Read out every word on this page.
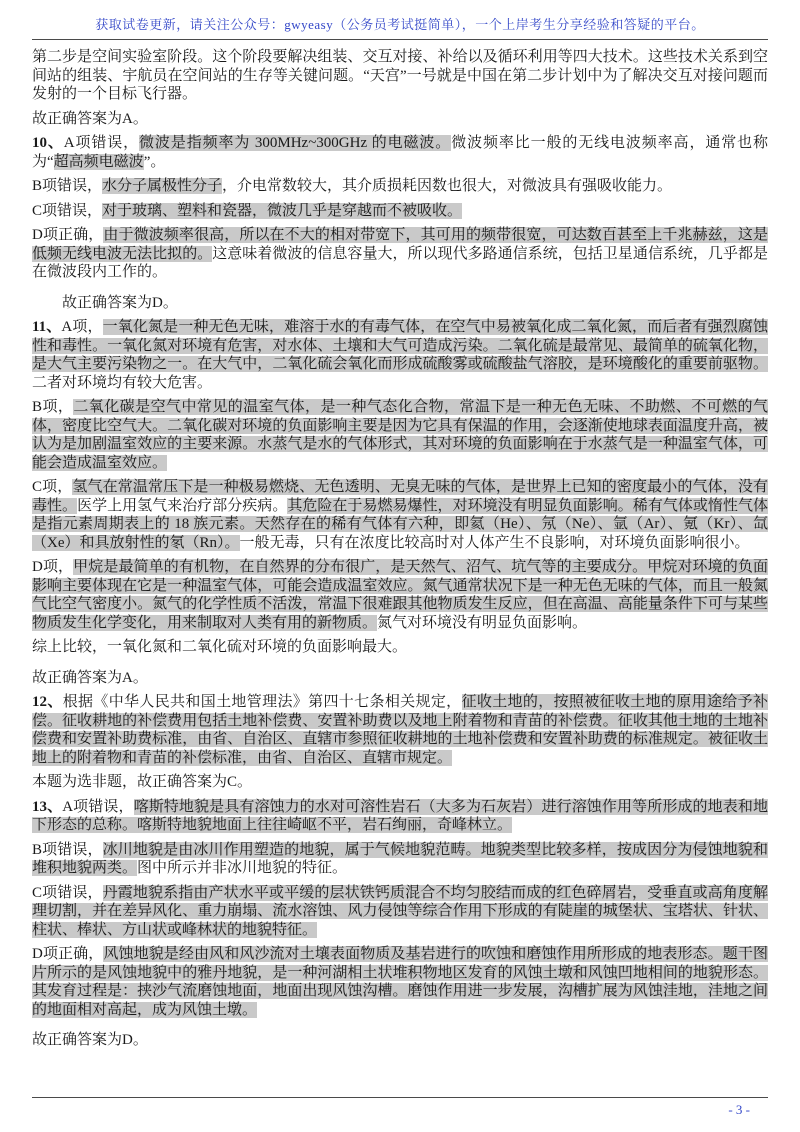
获取试卷更新，请关注公众号：gwyeasy（公务员考试挺简单），一个上岸考生分享经验和答疑的平台。

第二步是空间实验室阶段。这个阶段要解决组装、交互对接、补给以及循环利用等四大技术。这些技术关系到空间站的组装、宇航员在空间站的生存等关键问题。“天宫”一号就是中国在第二步计划中为了解决交互对接问题而发射的一个目标飞行器。

故正确答案为A。

10、A项错误，微波是指频率为 300MHz~300GHz 的电磁波。微波频率比一般的无线电波频率高，通常也称为“超高频电磁波”。

B项错误，水分子属极性分子，介电常数较大，其介质损耗因数也很大，对微波具有强吸收能力。

C项错误，对于玻璃、塑料和瓷器，微波几乎是穿越而不被吸收。

D项正确，由于微波频率很高，所以在不大的相对带宽下，其可用的频带很宽，可达数百甚至上千兆赫兹，这是低频无线电波无法比拟的。这意味着微波的信息容量大，所以现代多路通信系统，包括卫星通信系统，几乎都是在微波段内工作的。

故正确答案为D。

11、A项，一氧化氮是一种无色无味，难溶于水的有毒气体，在空气中易被氧化成二氧化氮，而后者有强烈腐蚀性和毒性。一氧化氮对环境有危害，对水体、土壤和大气可造成污染。二氧化硫是最常见、最简单的硫氧化物，是大气主要污染物之一。在大气中，二氧化硫会氧化而形成硫酸雾或硫酸盐气溶胶，是环境酸化的重要前驱物。二者对环境均有较大危害。

B项，二氧化碳是空气中常见的温室气体，是一种气态化合物，常温下是一种无色无味、不助燃、不可燃的气体，密度比空气大。二氧化碳对环境的负面影响主要是因为它具有保温的作用，会逐渐使地球表面温度升高，被认为是加剧温室效应的主要来源。水蒸气是水的气体形式，其对环境的负面影响在于水蒸气是一种温室气体，可能会造成温室效应。

C项，氢气在常温常压下是一种极易燃烧、无色透明、无臭无味的气体，是世界上已知的密度最小的气体，没有毒性。医学上用氢气来治疗部分疾病。其危险在于易燃易爆性，对环境没有明显负面影响。稀有气体或惰性气体是指元素周期表上的 18 族元素。天然存在的稀有气体有六种，即氦（He）、氖（Ne）、氩（Ar）、氪（Kr）、氙（Xe）和具放射性的氡（Rn）。一般无毒，只有在浓度比较高时对人体产生不良影响，对环境负面影响很小。

D项，甲烷是最简单的有机物，在自然界的分布很广，是天然气、沼气、坑气等的主要成分。甲烷对环境的负面影响主要体现在它是一种温室气体，可能会造成温室效应。氮气通常状况下是一种无色无味的气体，而且一般氮气比空气密度小。氮气的化学性质不活泼，常温下很难跟其他物质发生反应，但在高温、高能量条件下可与某些物质发生化学变化，用来制取对人类有用的新物质。氮气对环境没有明显负面影响。

综上比较，一氧化氮和二氧化硫对环境的负面影响最大。

故正确答案为A。

12、根据《中华人民共和国土地管理法》第四十七条相关规定，征收土地的，按照被征收土地的原用途给予补偿。征收耕地的补偿费用包括土地补偿费、安置补助费以及地上附着物和青苗的补偿费。征收其他土地的土地补偿费和安置补助费标准，由省、自治区、直辖市参照征收耕地的土地补偿费和安置补助费的标准规定。被征收土地上的附着物和青苗的补偿标准，由省、自治区、直辖市规定。

本题为选非题，故正确答案为C。

13、A项错误，喀斯特地貌是具有溶蚀力的水对可溶性岩石（大多为石灰岩）进行溶蚀作用等所形成的地表和地下形态的总称。喀斯特地貌地面上往往崎岖不平，岩石绚丽，奇峰林立。

B项错误，冰川地貌是由冰川作用塑造的地貌，属于气候地貌范畴。地貌类型比较多样，按成因分为侵蚀地貌和堆积地貌两类。图中所示并非冰川地貌的特征。

C项错误，丹霞地貌系指由产状水平或平缓的层状铁钙质混合不均匀胶结而成的红色碎屑岩，受垂直或高角度解理切割，并在差异风化、重力崩塌、流水溶蚀、风力侵蚀等综合作用下形成的有陡崖的城堡状、宝塔状、针状、柱状、棒状、方山状或峰林状的地貌特征。

D项正确，风蚀地貌是经由风和风沙流对土壤表面物质及基岩进行的吹蚀和磨蚀作用所形成的地表形态。题干图片所示的是风蚀地貌中的雅丹地貌，是一种河湖相土状堆积物地区发育的风蚀土墩和风蚀凹地相间的地貌形态。其发育过程是：挟沙气流磨蚀地面，地面出现风蚀沟槽。磨蚀作用进一步发展，沟槽扩展为风蚀洼地，洼地之间的地面相对高起，成为风蚀土墩。

故正确答案为D。

- 3 -
